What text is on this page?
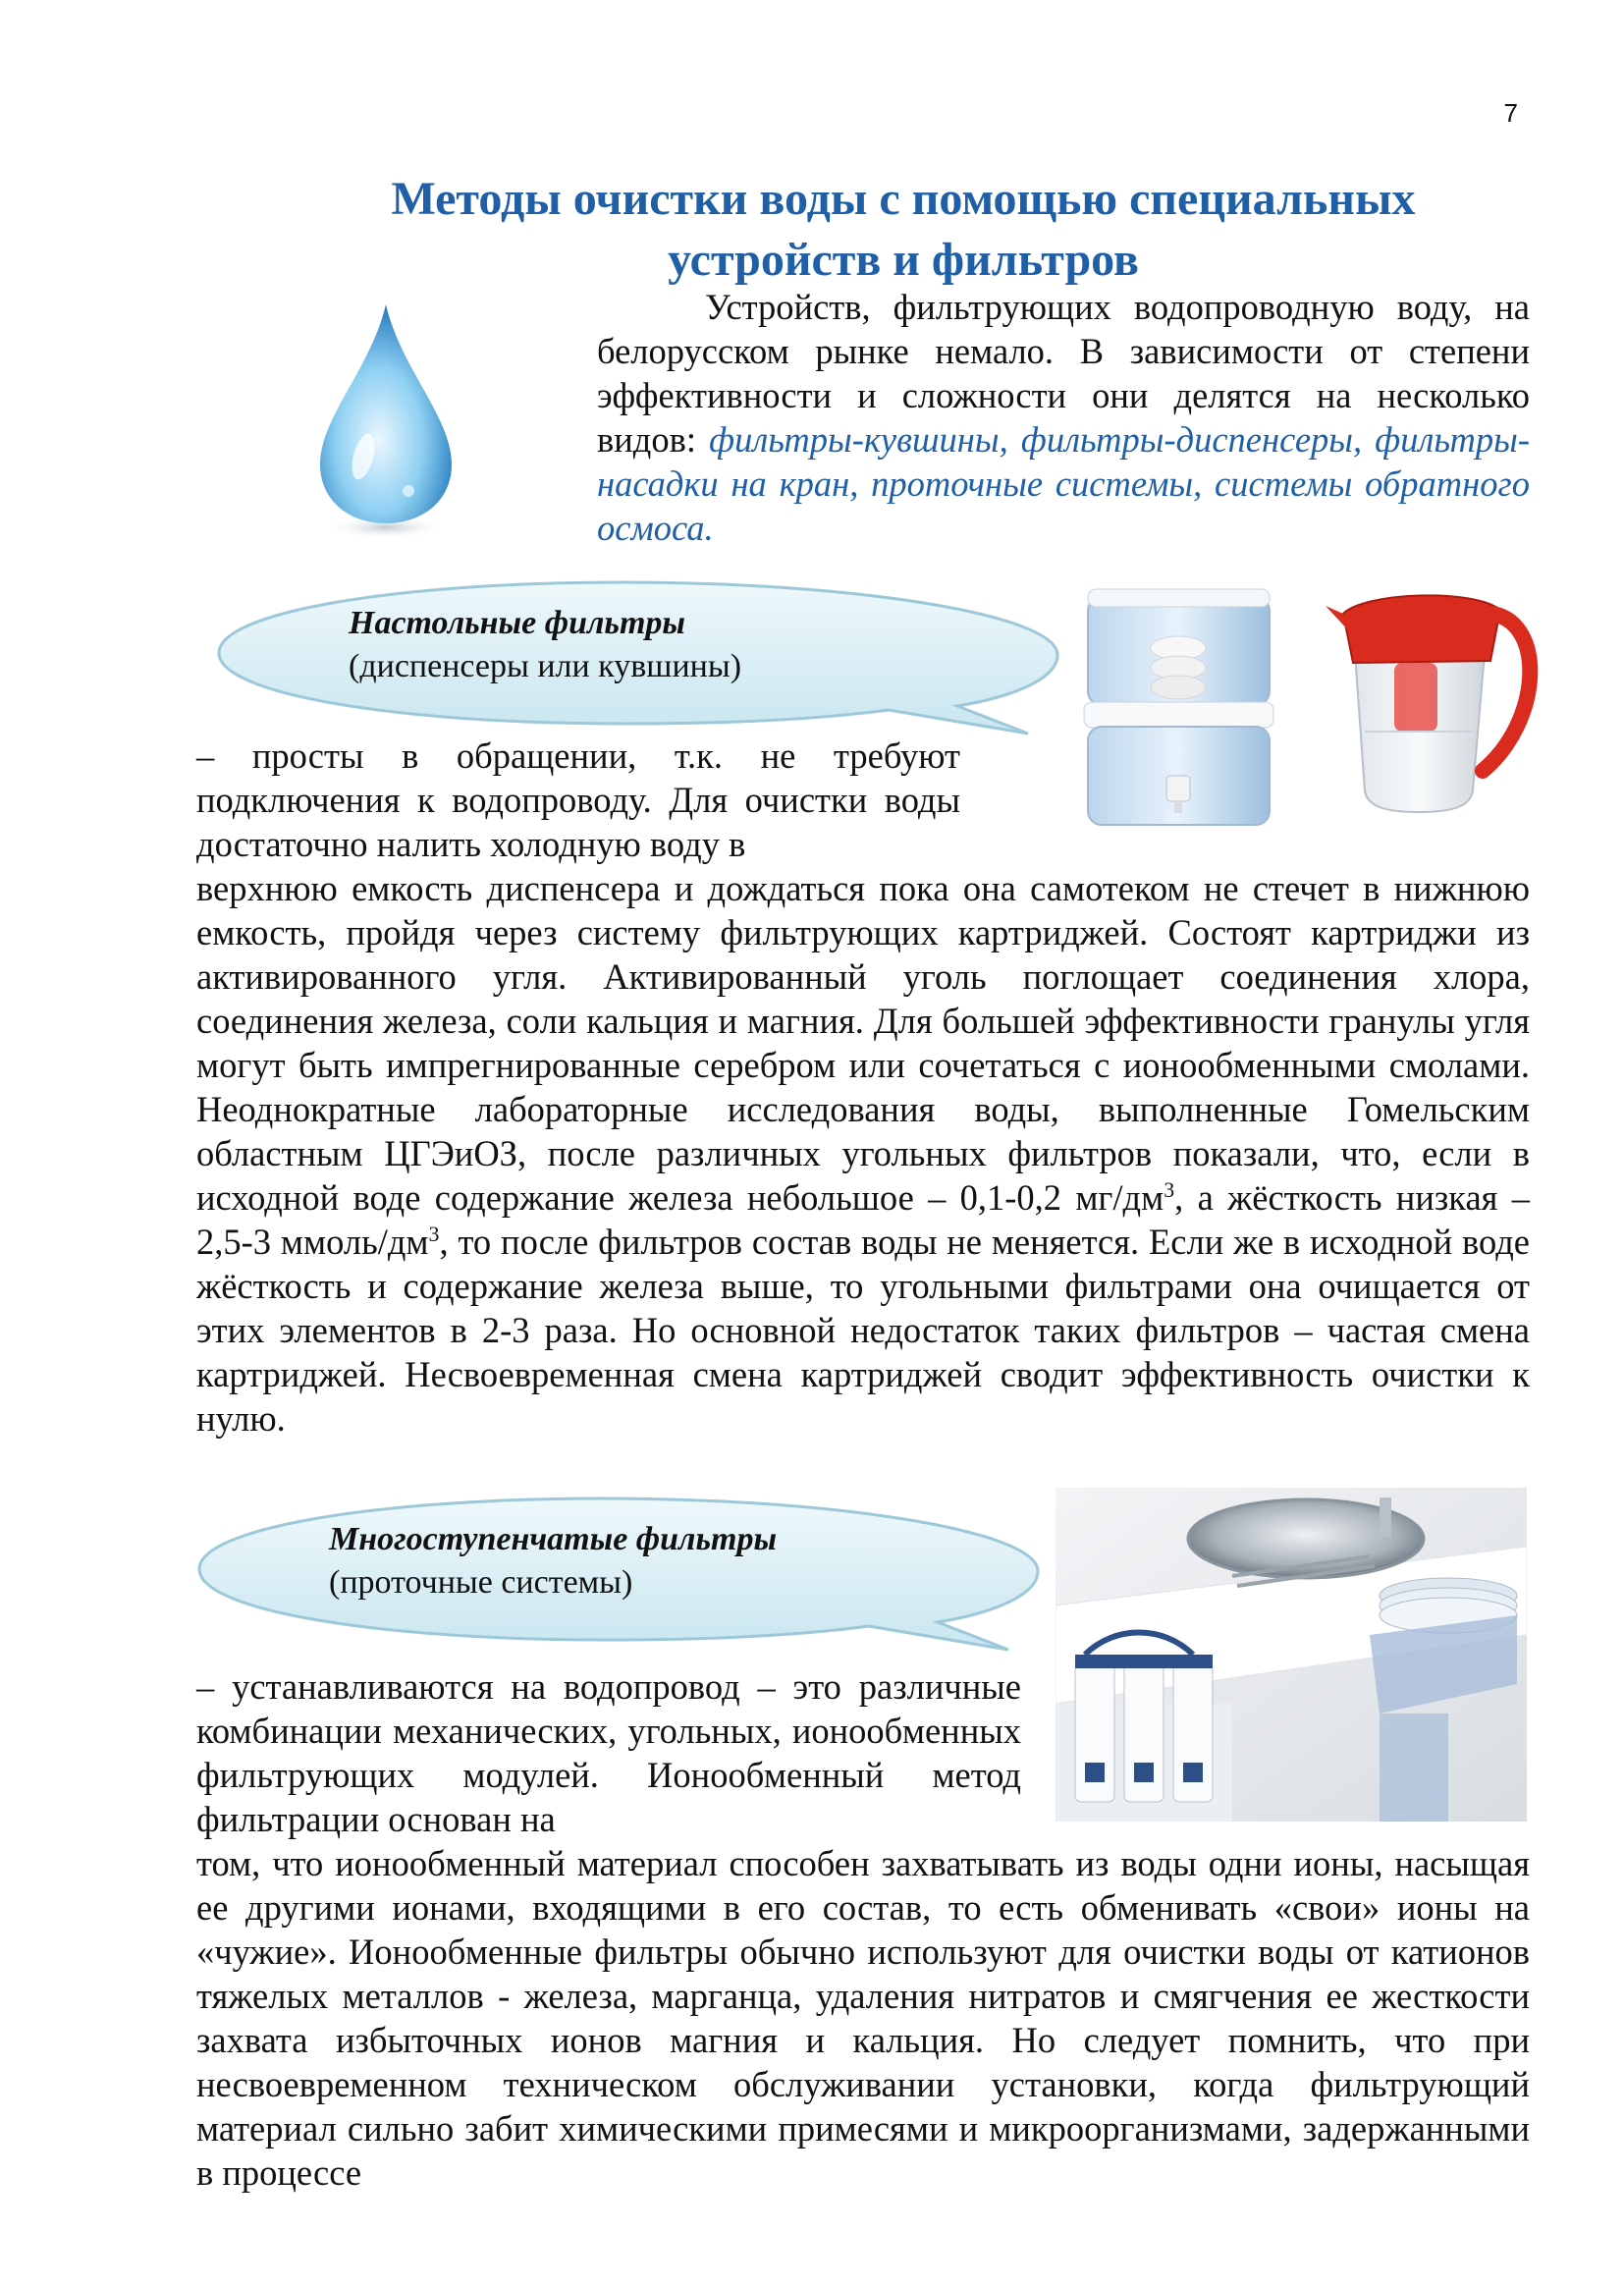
7
Методы очистки воды с помощью специальных
устройств и фильтров

Устройств, фильтрующих водопроводную воду, на белорусском рынке немало. В зависимости от степени эффективности и сложности они делятся на несколько видов: фильтры-кувшины, фильтры-диспенсеры, фильтры-насадки на кран, проточные системы, системы обратного осмоса.

Настольные фильтры
(диспенсеры или кувшины)

– просты в обращении, т.к. не требуют подключения к водопроводу. Для очистки воды достаточно налить холодную воду в

верхнюю емкость диспенсера и дождаться пока она самотеком не стечет в нижнюю емкость, пройдя через систему фильтрующих картриджей. Состоят картриджи из активированного угля. Активированный уголь поглощает соединения хлора, соединения железа, соли кальция и магния. Для большей эффективности гранулы угля могут быть импрегнированные серебром или сочетаться с ионообменными смолами. Неоднократные лабораторные исследования воды, выполненные Гомельским областным ЦГЭиОЗ, после различных угольных фильтров показали, что, если в исходной воде содержание железа небольшое – 0,1-0,2 $мг/дм^3$, а жёсткость низкая – 2,5-3 ммоль/$дм^3$, то после фильтров состав воды не меняется. Если же в исходной воде жёсткость и содержание железа выше, то угольными фильтрами она очищается от этих элементов в 2-3 раза. Но основной недостаток таких фильтров – частая смена картриджей. Несвоевременная смена картриджей сводит эффективность очистки к нулю.

Многоступенчатые фильтры
(проточные системы)

– устанавливаются на водопровод – это различные комбинации механических, угольных, ионообменных фильтрующих модулей. Ионообменный метод фильтрации основан на

том, что ионообменный материал способен захватывать из воды одни ионы, насыщая ее другими ионами, входящими в его состав, то есть обменивать «свои» ионы на «чужие». Ионообменные фильтры обычно используют для очистки воды от катионов тяжелых металлов - железа, марганца, удаления нитратов и смягчения ее жесткости захвата избыточных ионов магния и кальция. Но следует помнить, что при несвоевременном техническом обслуживании установки, когда фильтрующий материал сильно забит химическими примесями и микроорганизмами, задержанными в процессе
